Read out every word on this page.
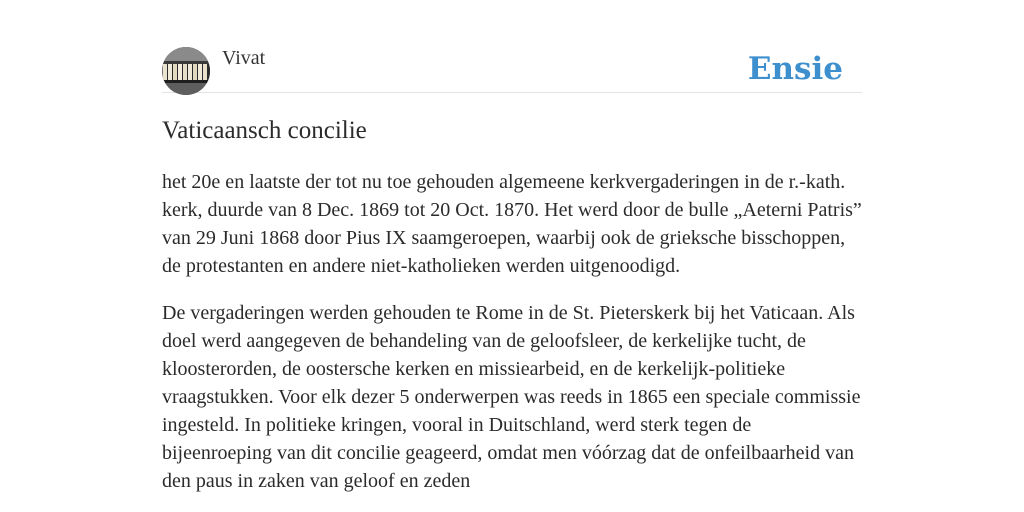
Vivat	Ensie
Vaticaansch concilie

het 20e en laatste der tot nu toe gehouden algemeene kerkvergaderingen in de r.-kath. kerk, duurde van 8 Dec. 1869 tot 20 Oct. 1870. Het werd door de bulle „Aeterni Patris” van 29 Juni 1868 door Pius IX saamgeroepen, waarbij ook de grieksche bisschoppen, de protestanten en andere niet-katholieken werden uitgenoodigd.

De vergaderingen werden gehouden te Rome in de St. Pieterskerk bij het Vaticaan. Als doel werd aangegeven de behandeling van de geloofsleer, de kerkelijke tucht, de kloosterorden, de oostersche kerken en missiearbeid, en de kerkelijk-politieke vraagstukken. Voor elk dezer 5 onderwerpen was reeds in 1865 een speciale commissie ingesteld. In politieke kringen, vooral in Duitschland, werd sterk tegen de bijeenroeping van dit concilie geageerd, omdat men vóórzag dat de onfeilbaarheid van den paus in zaken van geloof en zeden
